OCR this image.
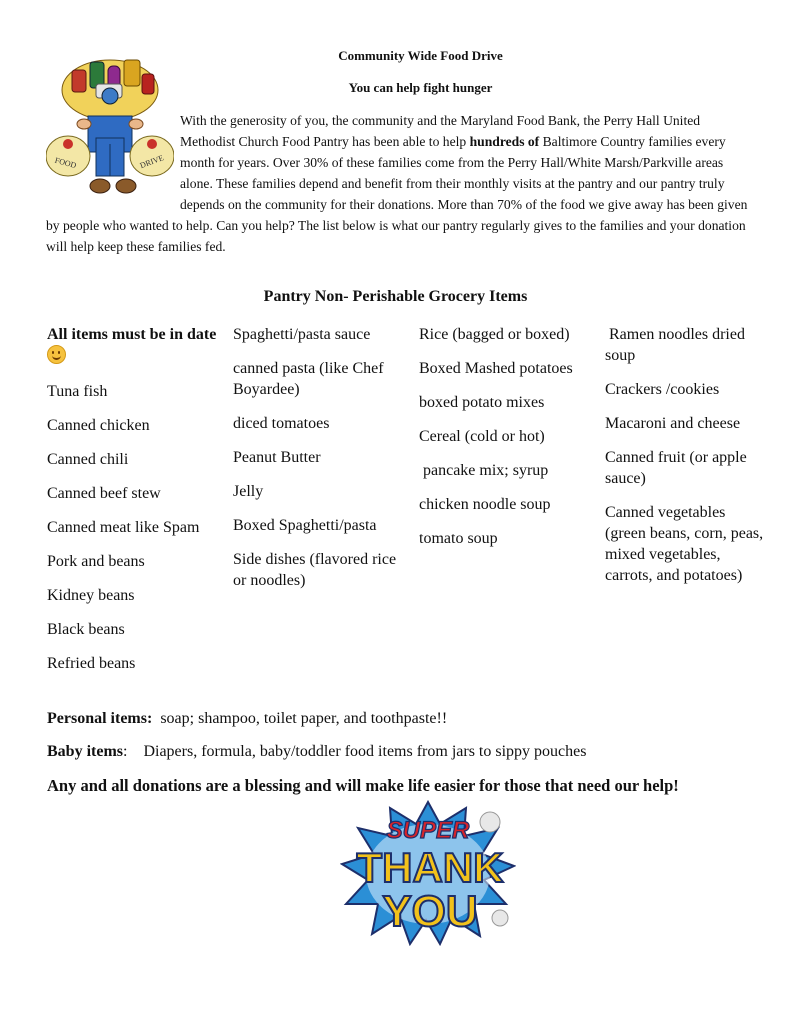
FOOD	DRIVE
Community Wide Food Drive
You can help fight hunger
With the generosity of you, the community and the Maryland Food Bank, the Perry Hall United Methodist Church Food Pantry has been able to help hundreds of Baltimore Country families every month for years. Over 30% of these families come from the Perry Hall/White Marsh/Parkville areas alone. These families depend and benefit from their monthly visits at the pantry and our pantry truly depends on the community for their donations. More than 70% of the food we give away has been given by people who wanted to help. Can you help? The list below is what our pantry regularly gives to the families and your donation will help keep these families fed.
Pantry Non- Perishable Grocery Items
All items must be in date
Tuna fish
Canned chicken
Canned chili
Canned beef stew
Canned meat like Spam
Pork and beans
Kidney beans
Black beans
Refried beans
Spaghetti/pasta sauce
canned pasta (like Chef Boyardee)
diced tomatoes
Peanut Butter
Jelly
Boxed Spaghetti/pasta
Side dishes (flavored rice or noodles)
Rice (bagged or boxed)
Boxed Mashed potatoes
boxed potato mixes
Cereal (cold or hot)
pancake mix; syrup
chicken noodle soup
tomato soup
Ramen noodles dried soup
Crackers /cookies
Macaroni and cheese
Canned fruit (or apple sauce)
Canned vegetables (green beans, corn, peas, mixed vegetables, carrots, and potatoes)
Personal items:  soap; shampoo, toilet paper, and toothpaste!!
Baby items:    Diapers, formula, baby/toddler food items from jars to sippy pouches
Any and all donations are a blessing and will make life easier for those that need our help!
SUPER
THANK
YOU
